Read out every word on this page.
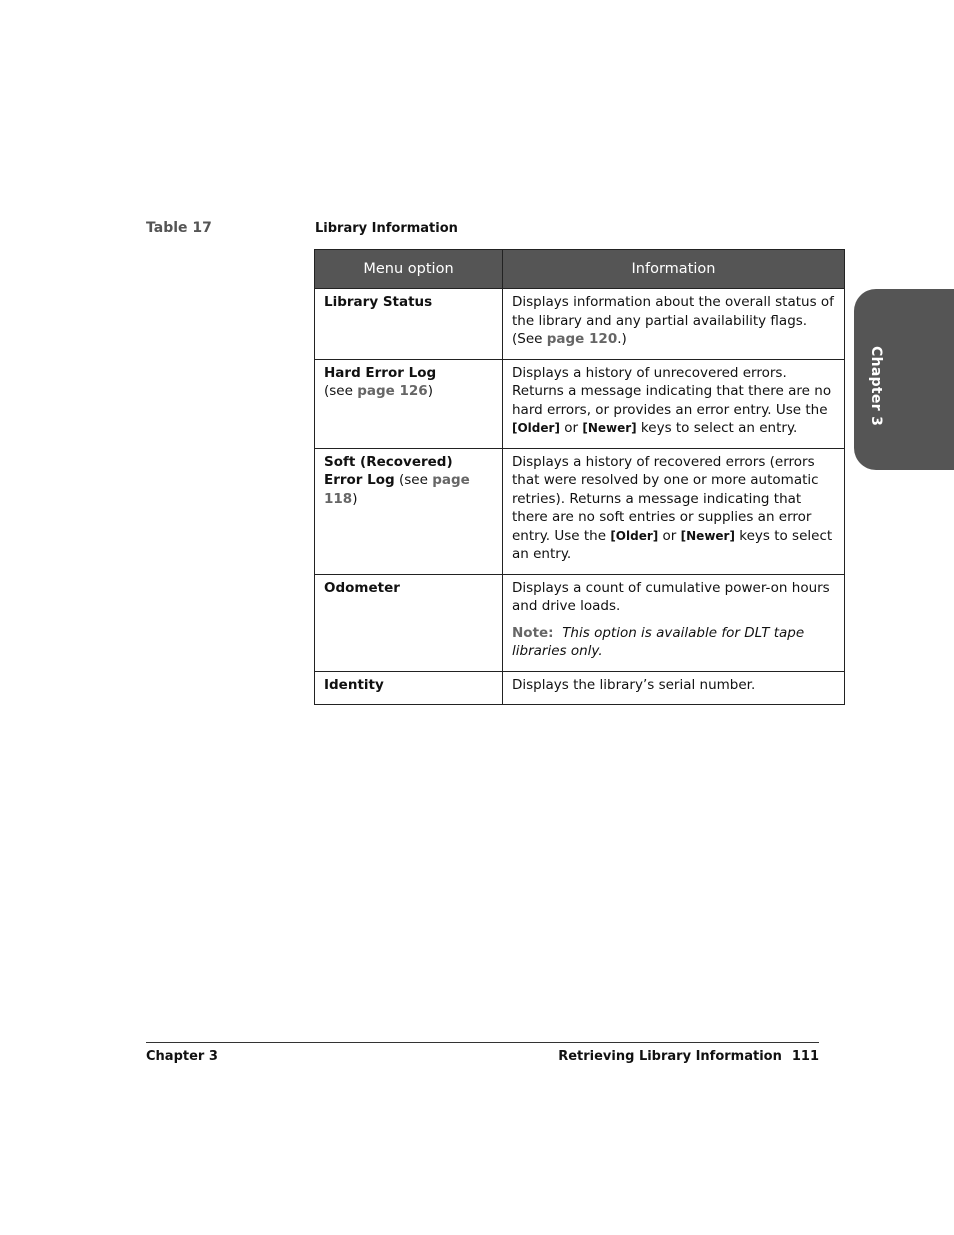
Table 17	Library Information
Menu option	Information
Library Status	Displays information about the overall status of the library and any partial availability flags. (See page 120.)
Hard Error Log
(see page 126)	Displays a history of unrecovered errors. Returns a message indicating that there are no hard errors, or provides an error entry. Use the [Older] or [Newer] keys to select an entry.
Soft (Recovered) Error Log (see page 118)	Displays a history of recovered errors (errors that were resolved by one or more automatic retries). Returns a message indicating that there are no soft entries or supplies an error entry. Use the [Older] or [Newer] keys to select an entry.
Odometer	Displays a count of cumulative power-on hours and drive loads.
Note: This option is available for DLT tape libraries only.

Identity	Displays the library’s serial number.
Chapter 3
Chapter 3	Retrieving Library Information 111
